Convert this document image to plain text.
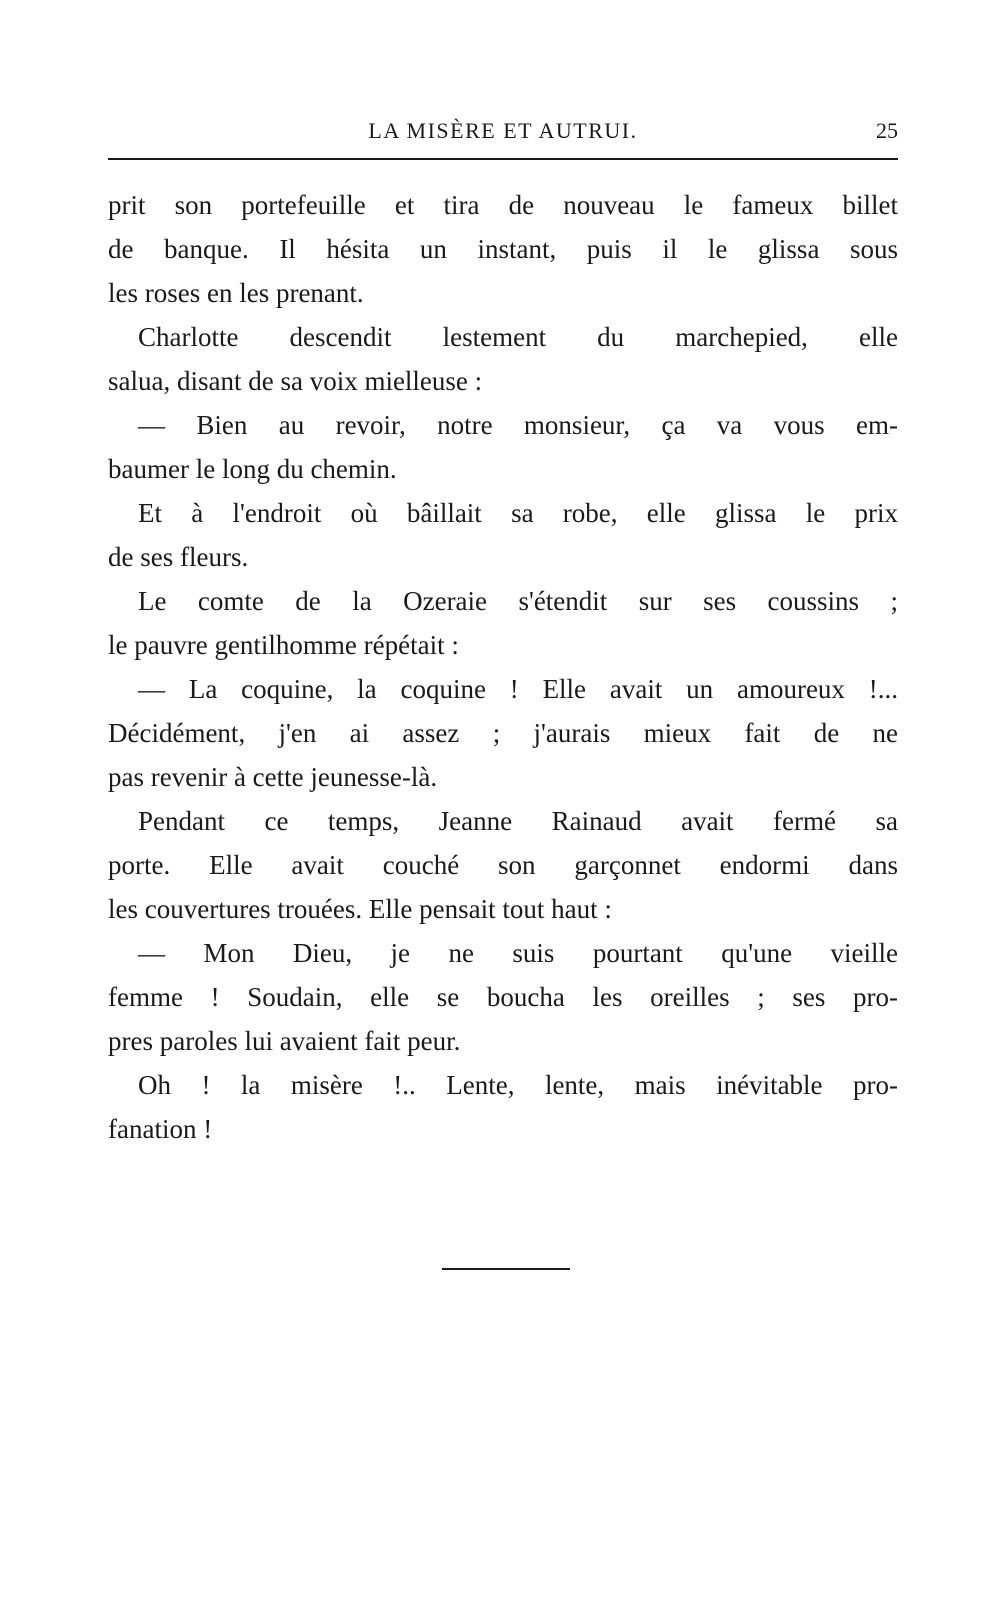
LA MISÈRE ET AUTRUI.	25
prit son portefeuille et tira de nouveau le fameux billet
de banque. Il hésita un instant, puis il le glissa sous
les roses en les prenant.
Charlotte descendit lestement du marchepied, elle
salua, disant de sa voix mielleuse :
— Bien au revoir, notre monsieur, ça va vous em-
baumer le long du chemin.
Et à l'endroit où bâillait sa robe, elle glissa le prix
de ses fleurs.
Le comte de la Ozeraie s'étendit sur ses coussins ;
le pauvre gentilhomme répétait :
— La coquine, la coquine ! Elle avait un amoureux !...
Décidément, j'en ai assez ; j'aurais mieux fait de ne
pas revenir à cette jeunesse-là.
Pendant ce temps, Jeanne Rainaud avait fermé sa
porte. Elle avait couché son garçonnet endormi dans
les couvertures trouées. Elle pensait tout haut :
— Mon Dieu, je ne suis pourtant qu'une vieille
femme ! Soudain, elle se boucha les oreilles ; ses pro-
pres paroles lui avaient fait peur.
Oh ! la misère !.. Lente, lente, mais inévitable pro-
fanation !
